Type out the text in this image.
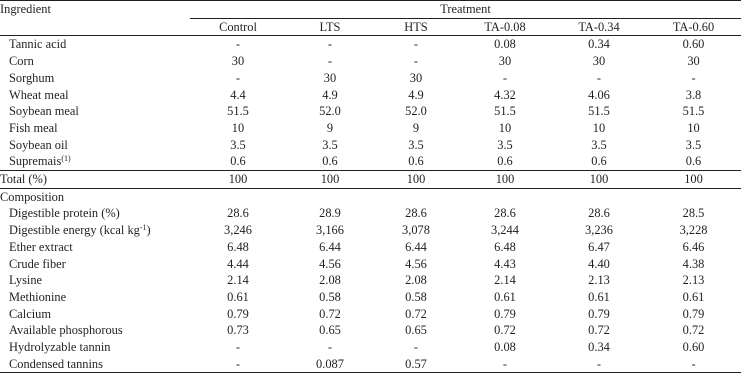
Ingredient	Treatment					
	Control	LTS	HTS	TA-0.08	TA-0.34	TA-0.60
Tannic acid	-	-	-	0.08	0.34	0.60
Corn	30	-	-	30	30	30
Sorghum	-	30	30	-	-	-
Wheat meal	4.4	4.9	4.9	4.32	4.06	3.8
Soybean meal	51.5	52.0	52.0	51.5	51.5	51.5
Fish meal	10	9	9	10	10	10
Soybean oil	3.5	3.5	3.5	3.5	3.5	3.5
Supremais$^{(1)}$	0.6	0.6	0.6	0.6	0.6	0.6
Total (%)	100	100	100	100	100	100
Composition						
Digestible protein (%)	28.6	28.9	28.6	28.6	28.6	28.5
Digestible energy (kcal $kg^{-1}$)	3,246	3,166	3,078	3,244	3,236	3,228
Ether extract	6.48	6.44	6.44	6.48	6.47	6.46
Crude fiber	4.44	4.56	4.56	4.43	4.40	4.38
Lysine	2.14	2.08	2.08	2.14	2.13	2.13
Methionine	0.61	0.58	0.58	0.61	0.61	0.61
Calcium	0.79	0.72	0.72	0.79	0.79	0.79
Available phosphorous	0.73	0.65	0.65	0.72	0.72	0.72
Hydrolyzable tannin	-	-	-	0.08	0.34	0.60
Condensed tannins	-	0.087	0.57	-	-	-
